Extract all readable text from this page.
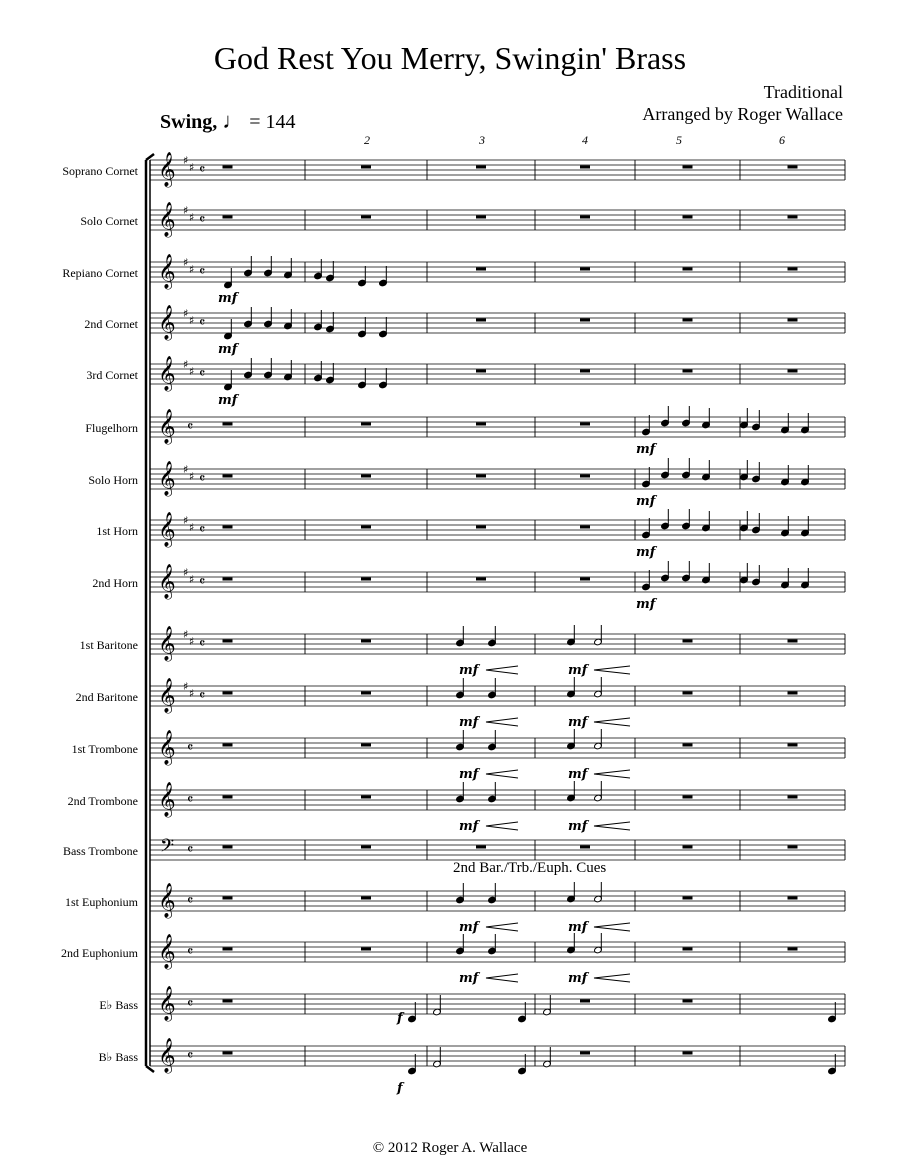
God Rest You Merry, Swingin' Brass
Traditional
Arranged by Roger Wallace
Swing, ♩ = 144
2	3	4	5	6
Soprano Cornet
Solo Cornet
Repiano Cornet
2nd Cornet
3rd Cornet
Flugelhorn
Solo Horn
1st Horn
2nd Horn
1st Baritone
2nd Baritone
1st Trombone
2nd Trombone
Bass Trombone
1st Euphonium
2nd Euphonium
E♭ Bass
B♭ Bass
𝄞 ♯
♯ 𝄴
𝄞 ♯
♯ 𝄴
𝄞 ♯
♯ 𝄴
𝄞 ♯
♯ 𝄴
𝄞 ♯
♯ 𝄴
𝄞 𝄴
𝄞 ♯
♯ 𝄴
𝄞 ♯
♯ 𝄴
𝄞 ♯
♯ 𝄴
𝄞 ♯
♯ 𝄴
𝄞 ♯
♯ 𝄴
𝄞 𝄴
𝄞 𝄴
𝄢 𝄴
𝄞 𝄴
𝄞 𝄴
𝄞 𝄴
𝄞 𝄴
mf
mf
mf
mf
mf
mf
mf
mf	mf
mf	mf
mf	mf
mf	mf
mf	mf
mf	mf
f
f
2nd Bar./Trb./Euph. Cues
© 2012 Roger A. Wallace
